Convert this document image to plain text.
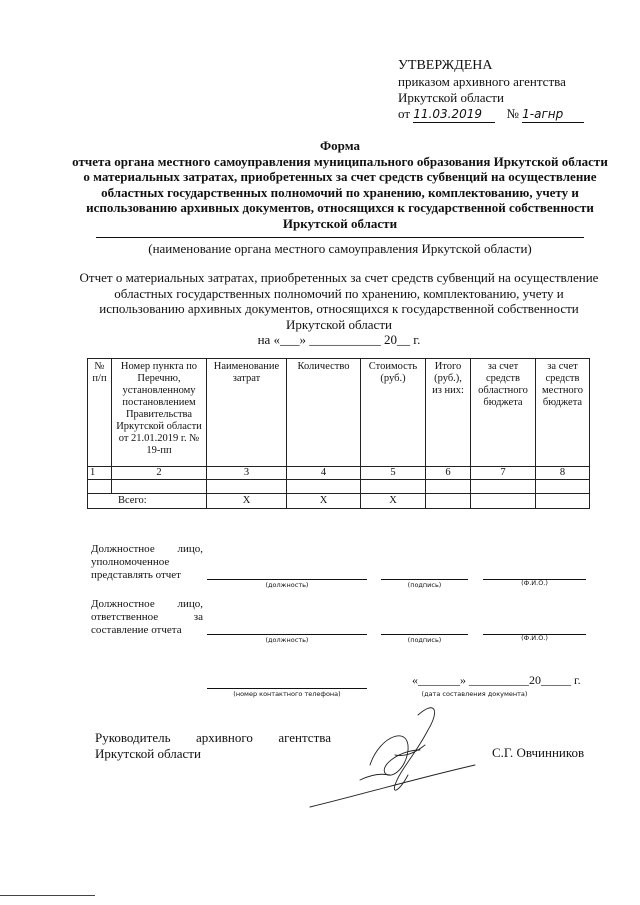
УТВЕРЖДЕНА
приказом архивного агентства
Иркутской области
от 11.03.2019 № 1-агнр
Форма
отчета органа местного самоуправления муниципального образования Иркутской области о материальных затратах, приобретенных за счет средств субвенций на осуществление областных государственных полномочий по хранению, комплектованию, учету и использованию архивных документов, относящихся к государственной собственности Иркутской области
(наименование органа местного самоуправления Иркутской области)
Отчет о материальных затратах, приобретенных за счет средств субвенций на осуществление областных государственных полномочий по хранению, комплектованию, учету и использованию архивных документов, относящихся к государственной собственности Иркутской области
на «___» ___________ 20__ г.
№ п/п	Номер пункта по Перечню, установленному постановлением Правительства Иркутской области от 21.01.2019 г. № 19-пп	Наименование затрат	Количество	Стоимость (руб.)	Итого (руб.), из них:	за счет средств областного бюджета	за счет средств местного бюджета
1	2	3	4	5	6	7	8

Всего:		Х	Х	Х			
Должностное лицо, уполномоченное представлять отчет
(должность)	(подпись)	(Ф.И.О.)
Должностное лицо, ответственное за составление отчета
(должность)	(подпись)	(Ф.И.О.)
(номер контактного телефона)
«_______» __________20_____ г.
(дата составления документа)
Руководитель архивного агентства
Иркутской области	С.Г. Овчинников
